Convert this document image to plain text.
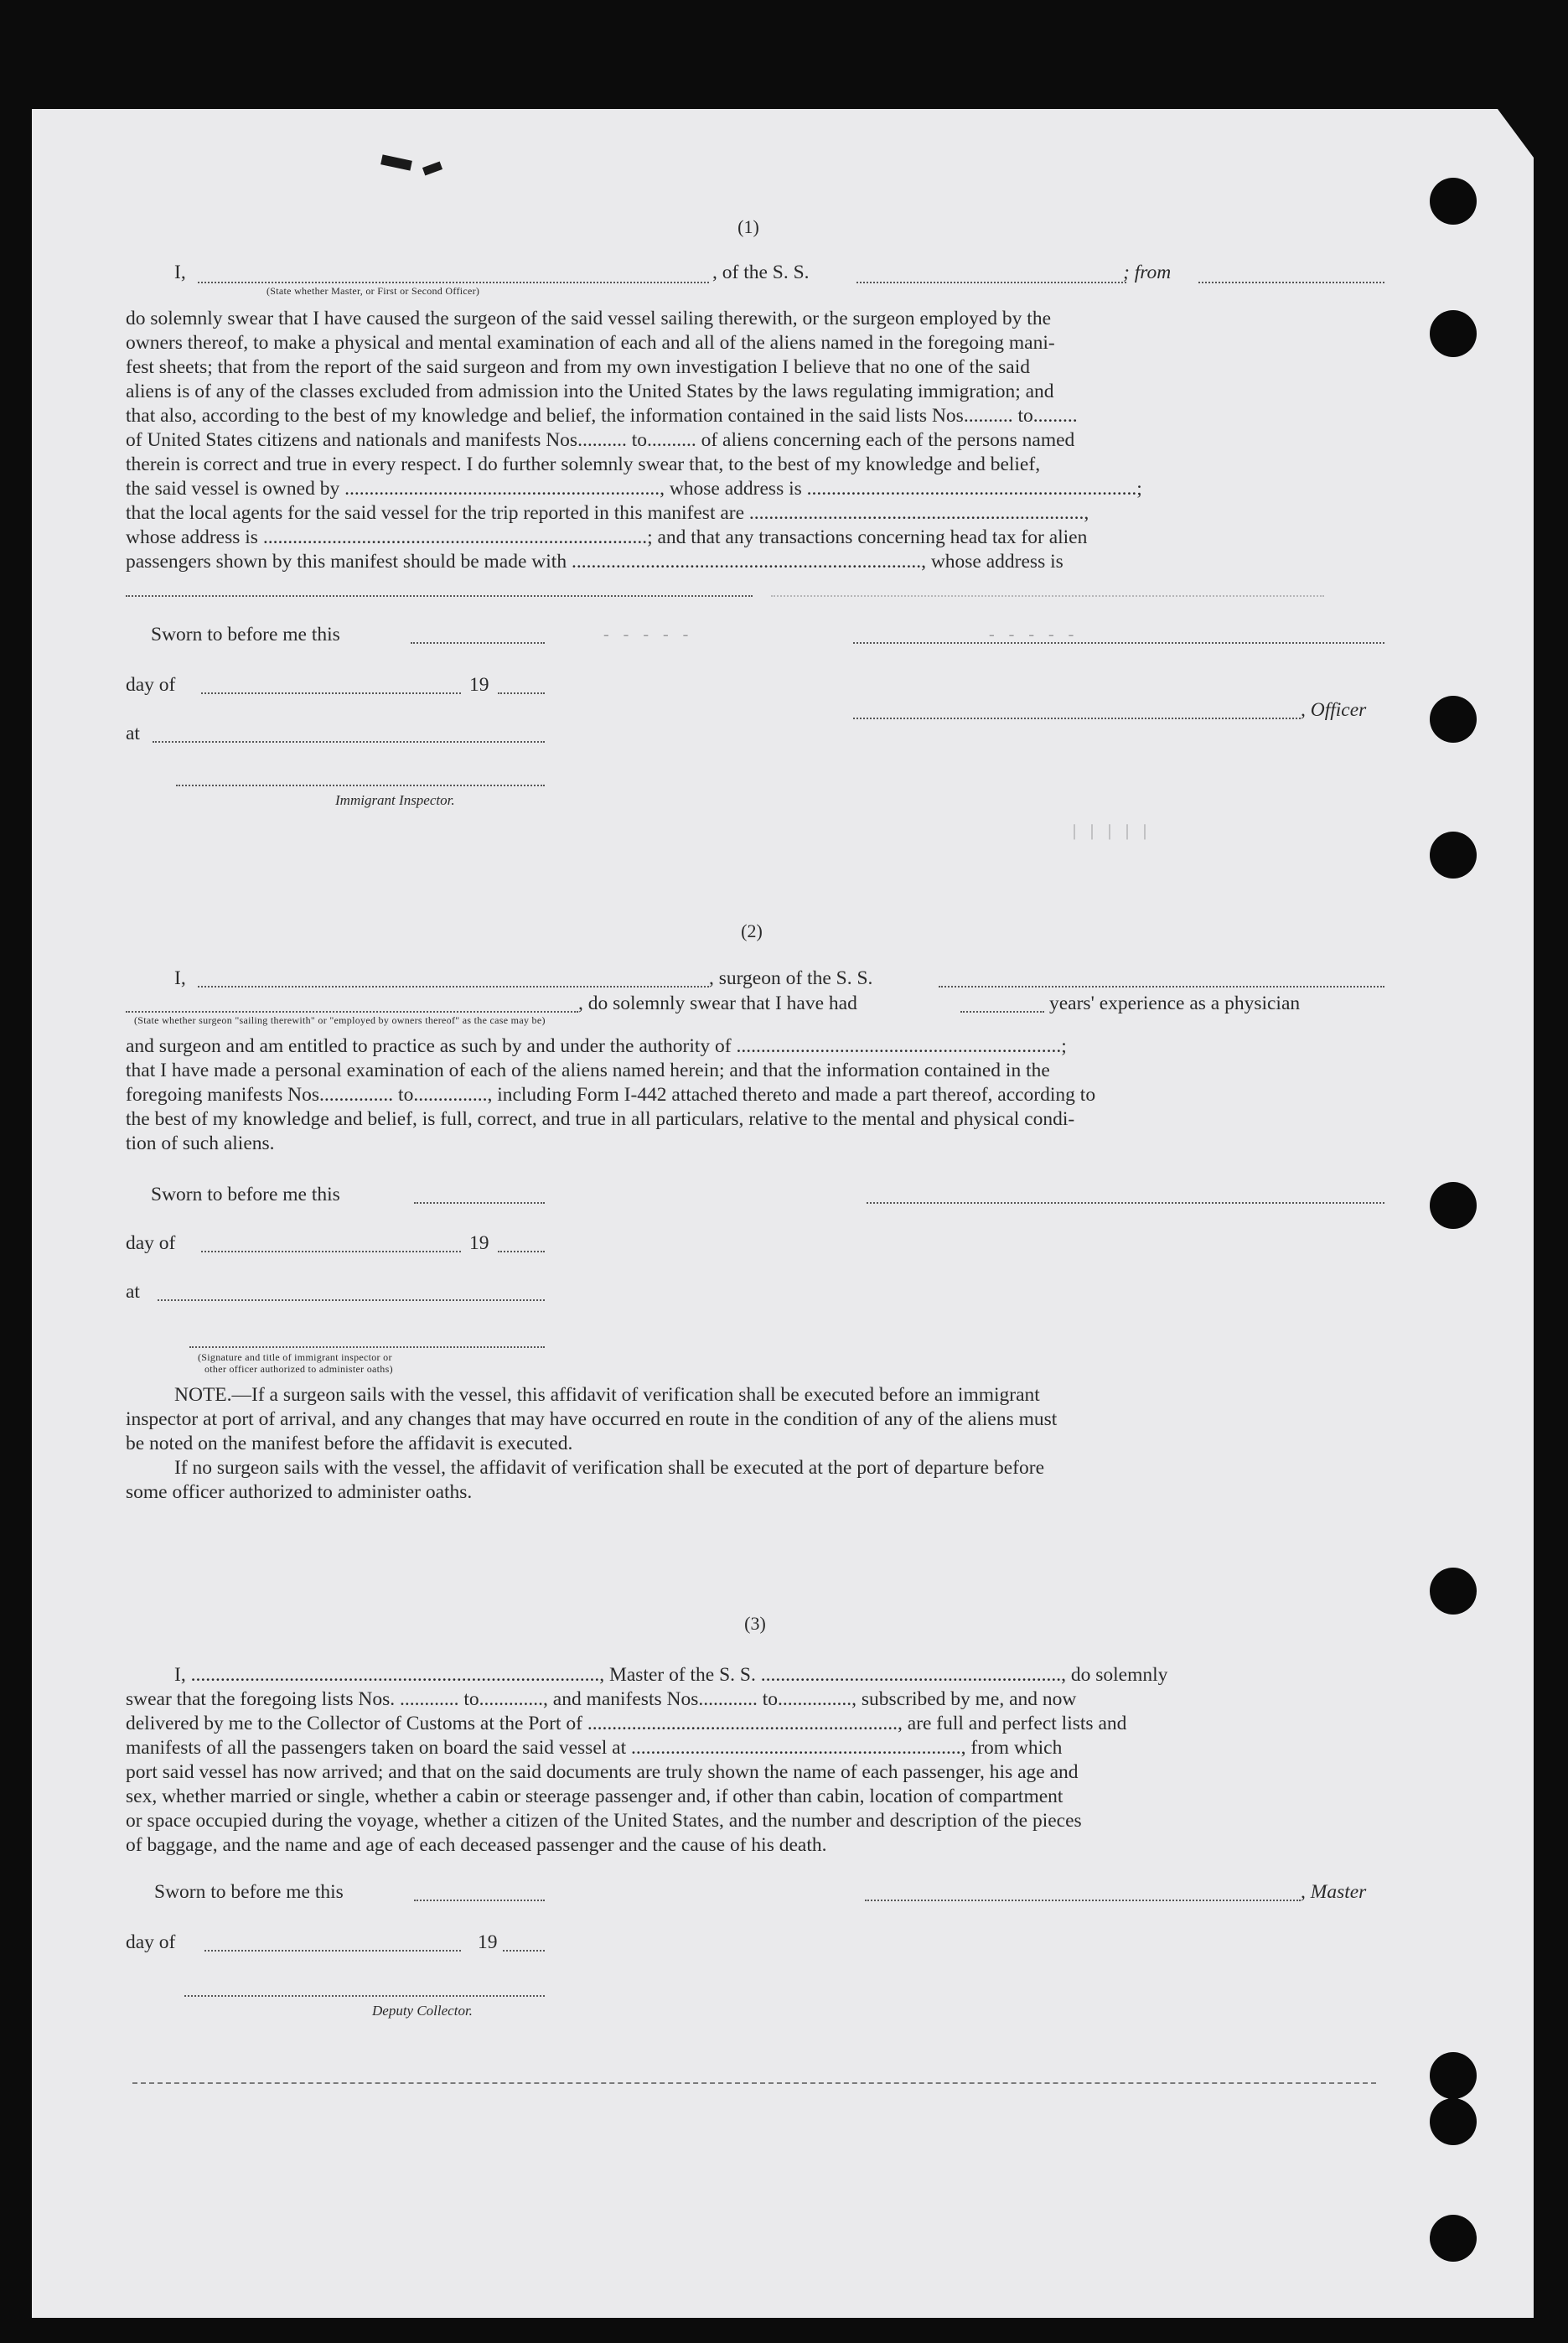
(1)
I,
(State whether Master, or First or Second Officer)
, of the S. S.	; from

do solemnly swear that I have caused the surgeon of the said vessel sailing therewith, or the surgeon employed by the

owners thereof, to make a physical and mental examination of each and all of the aliens named in the foregoing mani-

fest sheets; that from the report of the said surgeon and from my own investigation I believe that no one of the said

aliens is of any of the classes excluded from admission into the United States by the laws regulating immigration; and

that also, according to the best of my knowledge and belief, the information contained in the said lists Nos.......... to.........

of United States citizens and nationals and manifests Nos.......... to.......... of aliens concerning each of the persons named

therein is correct and true in every respect. I do further solemnly swear that, to the best of my knowledge and belief,

the said vessel is owned by ................................................................, whose address is ...................................................................;

that the local agents for the said vessel for the trip reported in this manifest are ....................................................................,

whose address is ..............................................................................; and that any transactions concerning head tax for alien

passengers shown by this manifest should be made with ......................................................................., whose address is

Sworn to before me this
day of	19
, Officer
at
Immigrant Inspector.
- - - - -	- - - - -
| | | | |
(2)
I,	, surgeon of the S. S.
, do solemnly swear that I have had	years' experience as a physician
(State whether surgeon "sailing therewith" or "employed by owners thereof" as the case may be)

and surgeon and am entitled to practice as such by and under the authority of ..................................................................;

that I have made a personal examination of each of the aliens named herein; and that the information contained in the

foregoing manifests Nos............... to..............., including Form I-442 attached thereto and made a part thereof, according to

the best of my knowledge and belief, is full, correct, and true in all particulars, relative to the mental and physical condi-

tion of such aliens.

Sworn to before me this
day of	19
at
(Signature and title of immigrant inspector or
other officer authorized to administer oaths)

NOTE.—If a surgeon sails with the vessel, this affidavit of verification shall be executed before an immigrant

inspector at port of arrival, and any changes that may have occurred en route in the condition of any of the aliens must

be noted on the manifest before the affidavit is executed.

If no surgeon sails with the vessel, the affidavit of verification shall be executed at the port of departure before

some officer authorized to administer oaths.

(3)

I, ..................................................................................., Master of the S. S. ............................................................., do solemnly

swear that the foregoing lists Nos. ............ to............., and manifests Nos............ to..............., subscribed by me, and now

delivered by me to the Collector of Customs at the Port of ..............................................................., are full and perfect lists and

manifests of all the passengers taken on board the said vessel at ..................................................................., from which

port said vessel has now arrived; and that on the said documents are truly shown the name of each passenger, his age and

sex, whether married or single, whether a cabin or steerage passenger and, if other than cabin, location of compartment

or space occupied during the voyage, whether a citizen of the United States, and the number and description of the pieces

of baggage, and the name and age of each deceased passenger and the cause of his death.

Sworn to before me this	, Master
day of	19
Deputy Collector.
